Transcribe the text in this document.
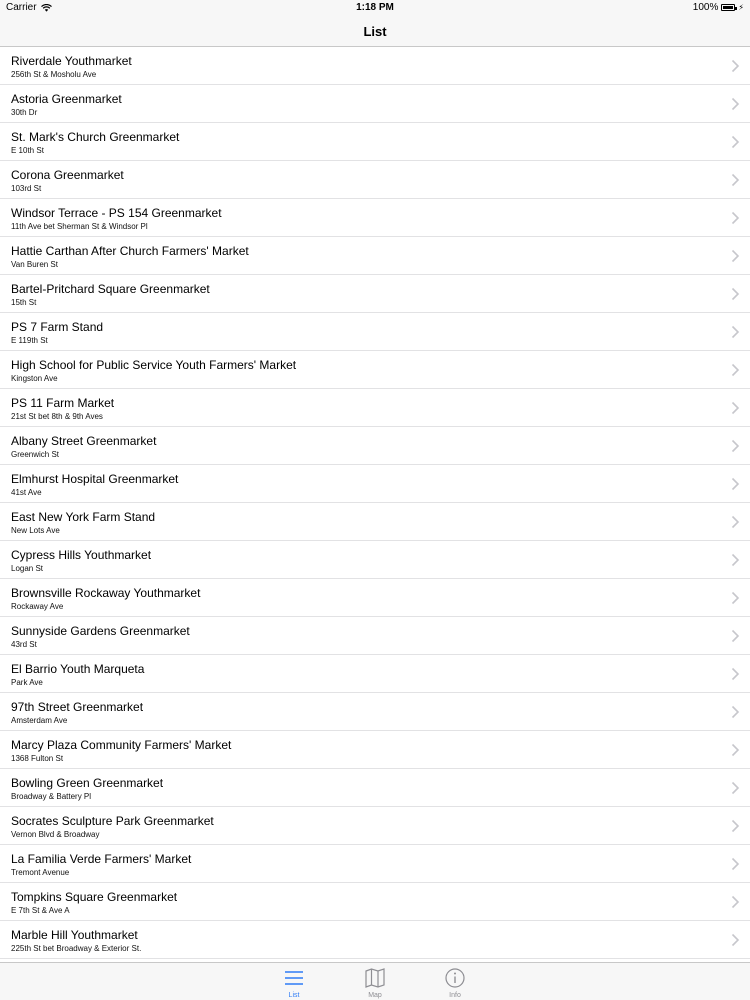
Carrier	1:18 PM	100%	⚡
List
Riverdale Youthmarket
256th St & Mosholu Ave
Astoria Greenmarket
30th Dr
St. Mark's Church Greenmarket
E 10th St
Corona Greenmarket
103rd St
Windsor Terrace - PS 154 Greenmarket
11th Ave bet Sherman St & Windsor Pl
Hattie Carthan After Church Farmers' Market
Van Buren St
Bartel-Pritchard Square Greenmarket
15th St
PS 7 Farm Stand
E 119th St
High School for Public Service Youth Farmers' Market
Kingston Ave
PS 11 Farm Market
21st St bet 8th & 9th Aves
Albany Street Greenmarket
Greenwich St
Elmhurst Hospital Greenmarket
41st Ave
East New York Farm Stand
New Lots Ave
Cypress Hills Youthmarket
Logan St
Brownsville Rockaway Youthmarket
Rockaway Ave
Sunnyside Gardens Greenmarket
43rd St
El Barrio Youth Marqueta
Park Ave
97th Street Greenmarket
Amsterdam Ave
Marcy Plaza Community Farmers' Market
1368 Fulton St
Bowling Green Greenmarket
Broadway & Battery Pl
Socrates Sculpture Park Greenmarket
Vernon Blvd & Broadway
La Familia Verde Farmers' Market
Tremont Avenue
Tompkins Square Greenmarket
E 7th St & Ave A
Marble Hill Youthmarket
225th St bet Broadway & Exterior St.
List	Map	Info
